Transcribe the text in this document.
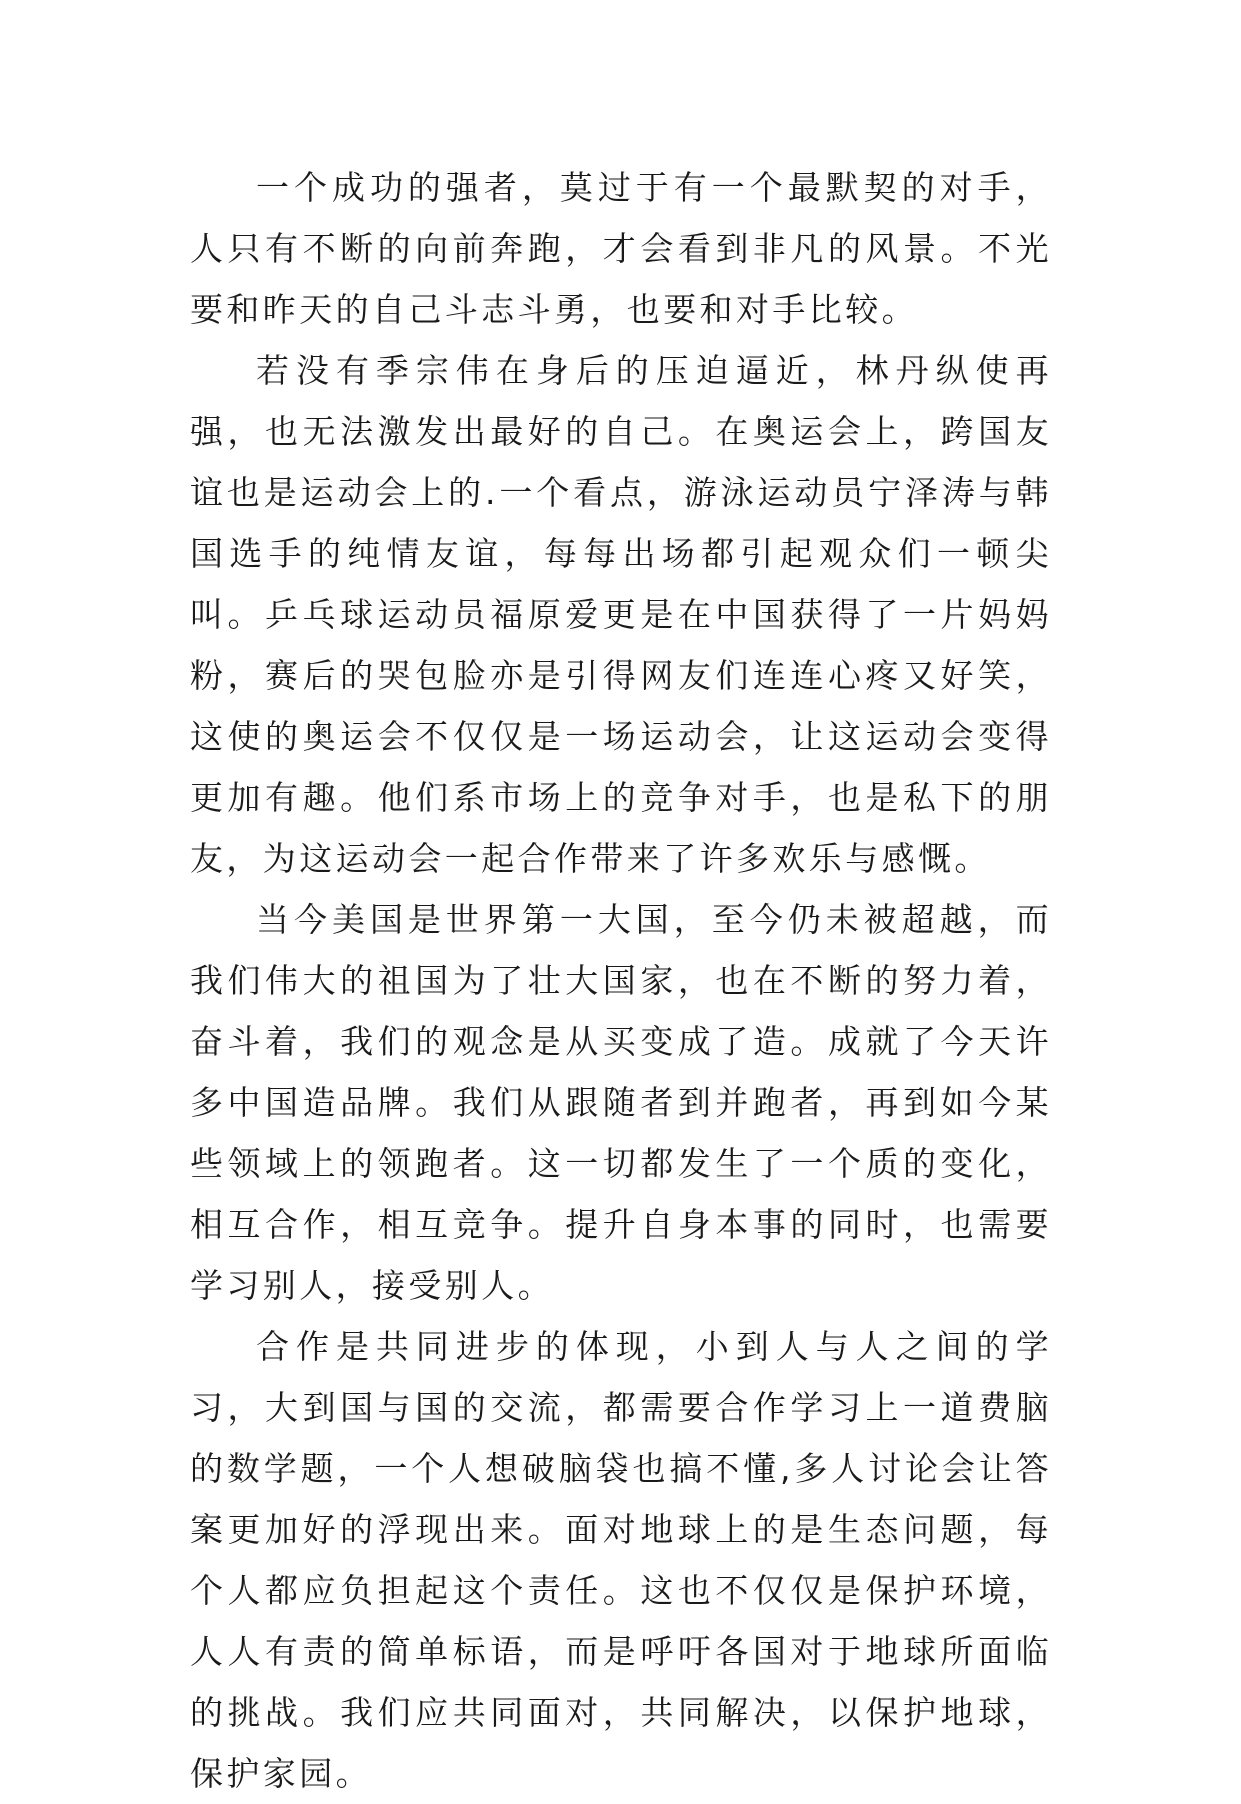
一个成功的强者，莫过于有一个最默契的对手，人只有不断的向前奔跑，才会看到非凡的风景。不光要和昨天的自己斗志斗勇，也要和对手比较。

若没有季宗伟在身后的压迫逼近，林丹纵使再强，也无法激发出最好的自己。在奥运会上，跨国友谊也是运动会上的.一个看点，游泳运动员宁泽涛与韩国选手的纯情友谊，每每出场都引起观众们一顿尖叫。乒乓球运动员福原爱更是在中国获得了一片妈妈粉，赛后的哭包脸亦是引得网友们连连心疼又好笑，这使的奥运会不仅仅是一场运动会，让这运动会变得更加有趣。他们系市场上的竞争对手，也是私下的朋友，为这运动会一起合作带来了许多欢乐与感慨。

当今美国是世界第一大国，至今仍未被超越，而我们伟大的祖国为了壮大国家，也在不断的努力着，奋斗着，我们的观念是从买变成了造。成就了今天许多中国造品牌。我们从跟随者到并跑者，再到如今某些领域上的领跑者。这一切都发生了一个质的变化，相互合作，相互竞争。提升自身本事的同时，也需要学习别人，接受别人。

合作是共同进步的体现，小到人与人之间的学习，大到国与国的交流，都需要合作学习上一道费脑的数学题，一个人想破脑袋也搞不懂,多人讨论会让答案更加好的浮现出来。面对地球上的是生态问题，每个人都应负担起这个责任。这也不仅仅是保护环境，人人有责的简单标语，而是呼吁各国对于地球所面临的挑战。我们应共同面对，共同解决，以保护地球，保护家园。
